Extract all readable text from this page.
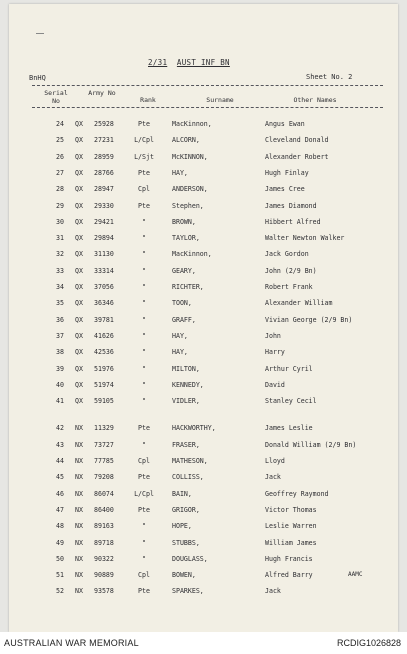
2/31 AUST INF BN
BnHQ	Sheet No. 2
Serial No
Army No
Rank	Surname	Other Names
24 QX 25928	Pte	MacKinnon,	Angus Ewan
25 QX 27231	L/Cpl	ALCORN,	Cleveland Donald
26 QX 28959	L/Sjt	McKINNON,	Alexander Robert
27 QX 28766	Pte	HAY,	Hugh Finlay
28 QX 28947	Cpl	ANDERSON,	James Cree
29 QX 29330	Pte	Stephen,	James Diamond
30 QX 29421	"	BROWN,	Hibbert Alfred
31 QX 29894	"	TAYLOR,	Walter Newton Walker
32 QX 31130	"	MacKinnon,	Jack Gordon
33 QX 33314	"	GEARY,	John (2/9 Bn)
34 QX 37056	"	RICHTER,	Robert Frank
35 QX 36346	"	TOON,	Alexander William
36 QX 39781	"	GRAFF,	Vivian George (2/9 Bn)
37 QX 41626	"	HAY,	John
38 QX 42536	"	HAY,	Harry
39 QX 51976	"	MILTON,	Arthur Cyril
40 QX 51974	"	KENNEDY,	David
41 QX 59105	"	VIDLER,	Stanley Cecil
42 NX 11329	Pte	HACKWORTHY,	James Leslie
43 NX 73727	"	FRASER,	Donald William (2/9 Bn)
44 NX 77785	Cpl	MATHESON,	Lloyd
45 NX 79208	Pte	COLLISS,	Jack
46 NX 86074	L/Cpl	BAIN,	Geoffrey Raymond
47 NX 86400	Pte	GRIGOR,	Victor Thomas
48 NX 89163	"	HOPE,	Leslie Warren
49 NX 89718	"	STUBBS,	William James
50 NX 90322	"	DOUGLASS,	Hugh Francis
51 NX 90889	Cpl	BOWEN,	Alfred Barry	AAMC
52 NX 93578	Pte	SPARKES,	Jack
AUSTRALIAN WAR MEMORIAL	RCDIG1026828
